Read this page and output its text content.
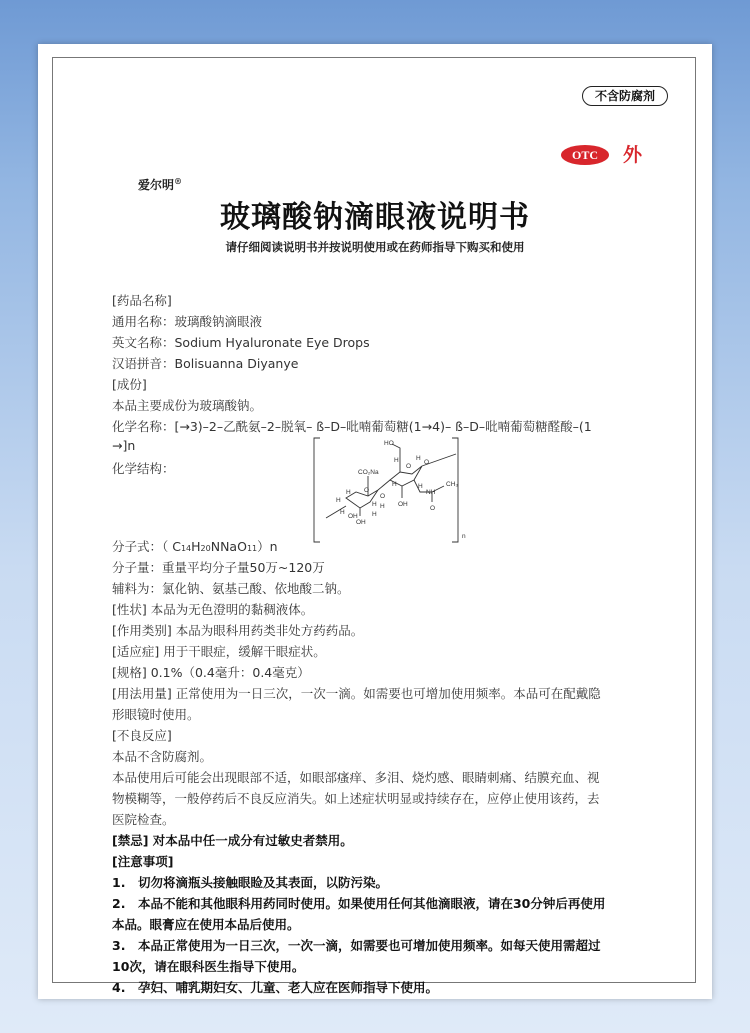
不含防腐剂
OTC	外
爱尔明®
玻璃酸钠滴眼液说明书
请仔细阅读说明书并按说明使用或在药师指导下购买和使用
[药品名称]
通用名称：玻璃酸钠滴眼液
英文名称：Sodium Hyaluronate Eye Drops
汉语拼音：Bolisuanna Diyanye
[成份]
本品主要成份为玻璃酸钠。
化学名称：[→3)–2–乙酰氨–2–脱氧– ß–D–吡喃葡萄糖(1→4)– ß–D–吡喃葡萄糖醛酸–(1
→]n
化学结构：
HO
H	H
O
O
CO₂Na
H	H
O
H
O
OH
H
H
NH
CH₃
O
OH
OH
H	H
H
n
分子式：（ C14H20NNaO11）n
分子量：重量平均分子量50万~120万
辅料为：氯化钠、氨基己酸、依地酸二钠。
[性状] 本品为无色澄明的黏稠液体。
[作用类别] 本品为眼科用药类非处方药药品。
[适应症] 用于干眼症，缓解干眼症状。
[规格] 0.1%（0.4毫升：0.4毫克）
[用法用量] 正常使用为一日三次，一次一滴。如需要也可增加使用频率。本品可在配戴隐
形眼镜时使用。
[不良反应]
本品不含防腐剂。
本品使用后可能会出现眼部不适，如眼部瘙痒、多泪、烧灼感、眼睛刺痛、结膜充血、视
物模糊等，一般停药后不良反应消失。如上述症状明显或持续存在，应停止使用该药，去
医院检查。
[禁忌] 对本品中任一成分有过敏史者禁用。
[注意事项]
1.　切勿将滴瓶头接触眼睑及其表面，以防污染。
2.　本品不能和其他眼科用药同时使用。如果使用任何其他滴眼液，请在30分钟后再使用
本品。眼膏应在使用本品后使用。
3.　本品正常使用为一日三次，一次一滴，如需要也可增加使用频率。如每天使用需超过
10次，请在眼科医生指导下使用。
4.　孕妇、哺乳期妇女、儿童、老人应在医师指导下使用。
